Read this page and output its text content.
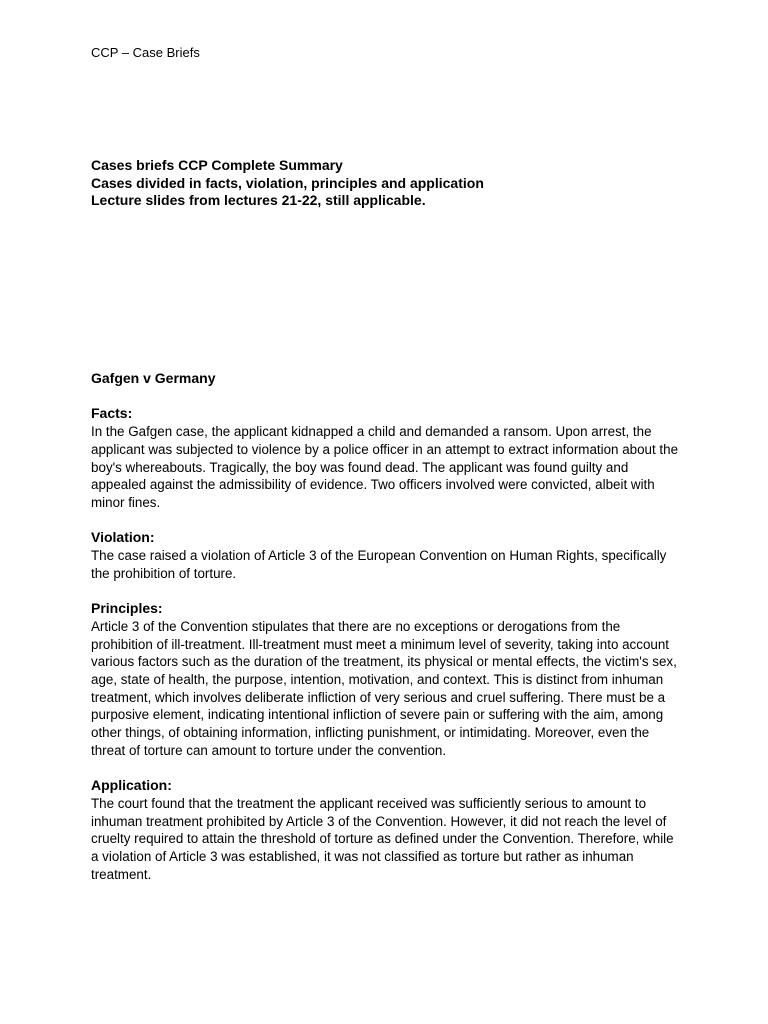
CCP – Case Briefs
Cases briefs CCP Complete Summary
Cases divided in facts, violation, principles and application
Lecture slides from lectures 21-22, still applicable.
Gafgen v Germany
Facts:
In the Gafgen case, the applicant kidnapped a child and demanded a ransom. Upon arrest, the applicant was subjected to violence by a police officer in an attempt to extract information about the boy's whereabouts. Tragically, the boy was found dead. The applicant was found guilty and appealed against the admissibility of evidence. Two officers involved were convicted, albeit with minor fines.
Violation:
The case raised a violation of Article 3 of the European Convention on Human Rights, specifically the prohibition of torture.
Principles:
Article 3 of the Convention stipulates that there are no exceptions or derogations from the prohibition of ill-treatment. Ill-treatment must meet a minimum level of severity, taking into account various factors such as the duration of the treatment, its physical or mental effects, the victim's sex, age, state of health, the purpose, intention, motivation, and context. This is distinct from inhuman treatment, which involves deliberate infliction of very serious and cruel suffering. There must be a purposive element, indicating intentional infliction of severe pain or suffering with the aim, among other things, of obtaining information, inflicting punishment, or intimidating. Moreover, even the threat of torture can amount to torture under the convention.
Application:
The court found that the treatment the applicant received was sufficiently serious to amount to inhuman treatment prohibited by Article 3 of the Convention. However, it did not reach the level of cruelty required to attain the threshold of torture as defined under the Convention. Therefore, while a violation of Article 3 was established, it was not classified as torture but rather as inhuman treatment.
